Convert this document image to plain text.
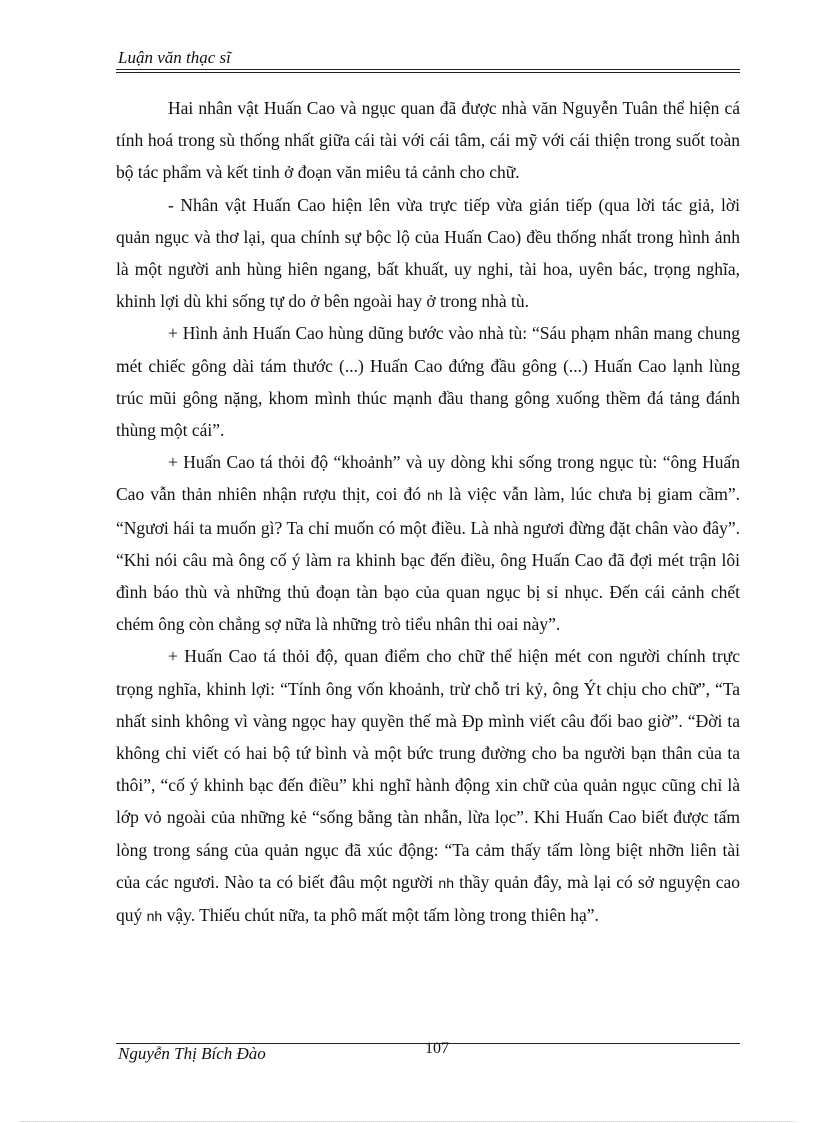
Luận văn thạc sĩ

Hai nhân vật Huấn Cao và ngục quan đã được nhà văn Nguyễn Tuân thể hiện cá tính hoá trong sù thống nhất giữa cái tài với cái tâm, cái mỹ với cái thiện trong suốt toàn bộ tác phẩm và kết tinh ở đoạn văn miêu tả cảnh cho chữ.

- Nhân vật Huấn Cao hiện lên vừa trực tiếp vừa gián tiếp (qua lời tác giả, lời quản ngục và thơ lại, qua chính sự bộc lộ của Huấn Cao) đều thống nhất trong hình ảnh là một người anh hùng hiên ngang, bất khuất, uy nghi, tài hoa, uyên bác, trọng nghĩa, khinh lợi dù khi sống tự do ở bên ngoài hay ở trong nhà tù.

+ Hình ảnh Huấn Cao hùng dũng bước vào nhà tù: “Sáu phạm nhân mang chung mét chiếc gông dài tám thước (...) Huấn Cao đứng đầu gông (...) Huấn Cao lạnh lùng trúc mũi gông nặng, khom mình thúc mạnh đầu thang gông xuống thềm đá tảng đánh thùng một cái”.

+ Huấn Cao tá thỏi độ “khoảnh” và uy dòng khi sống trong ngục tù: “ông Huấn Cao vẫn thản nhiên nhận rượu thịt, coi đó nh là việc vẫn làm, lúc chưa bị giam cầm”. “Ngươi hái ta muốn gì? Ta chỉ muốn có một điều. Là nhà ngươi đừng đặt chân vào đây”. “Khi nói câu mà ông cố ý làm ra khinh bạc đến điều, ông Huấn Cao đã đợi mét trận lôi đình báo thù và những thủ đoạn tàn bạo của quan ngục bị sỉ nhục. Đến cái cảnh chết chém ông còn chẳng sợ nữa là những trò tiểu nhân thi oai này”.

+ Huấn Cao tá thỏi độ, quan điểm cho chữ thể hiện mét con người chính trực trọng nghĩa, khinh lợi: “Tính ông vốn khoảnh, trừ chỗ tri kỷ, ông Ýt chịu cho chữ”, “Ta nhất sinh không vì vàng ngọc hay quyền thế mà Ðp mình viết câu đối bao giờ”. “Đời ta không chỉ viết có hai bộ tứ bình và một bức trung đường cho ba người bạn thân của ta thôi”, “cố ý khinh bạc đến điều” khi nghĩ hành động xin chữ của quản ngục cũng chỉ là lớp vỏ ngoài của những kẻ “sống bằng tàn nhẫn, lừa lọc”. Khi Huấn Cao biết được tấm lòng trong sáng của quản ngục đã xúc động: “Ta cảm thấy tấm lòng biệt nhỡn liên tài của các ngươi. Nào ta có biết đâu một người nh thầy quản đây, mà lại có sở nguyện cao quý nh vậy. Thiếu chút nữa, ta phô mất một tấm lòng trong thiên hạ”.

Nguyễn Thị Bích Đào	107
